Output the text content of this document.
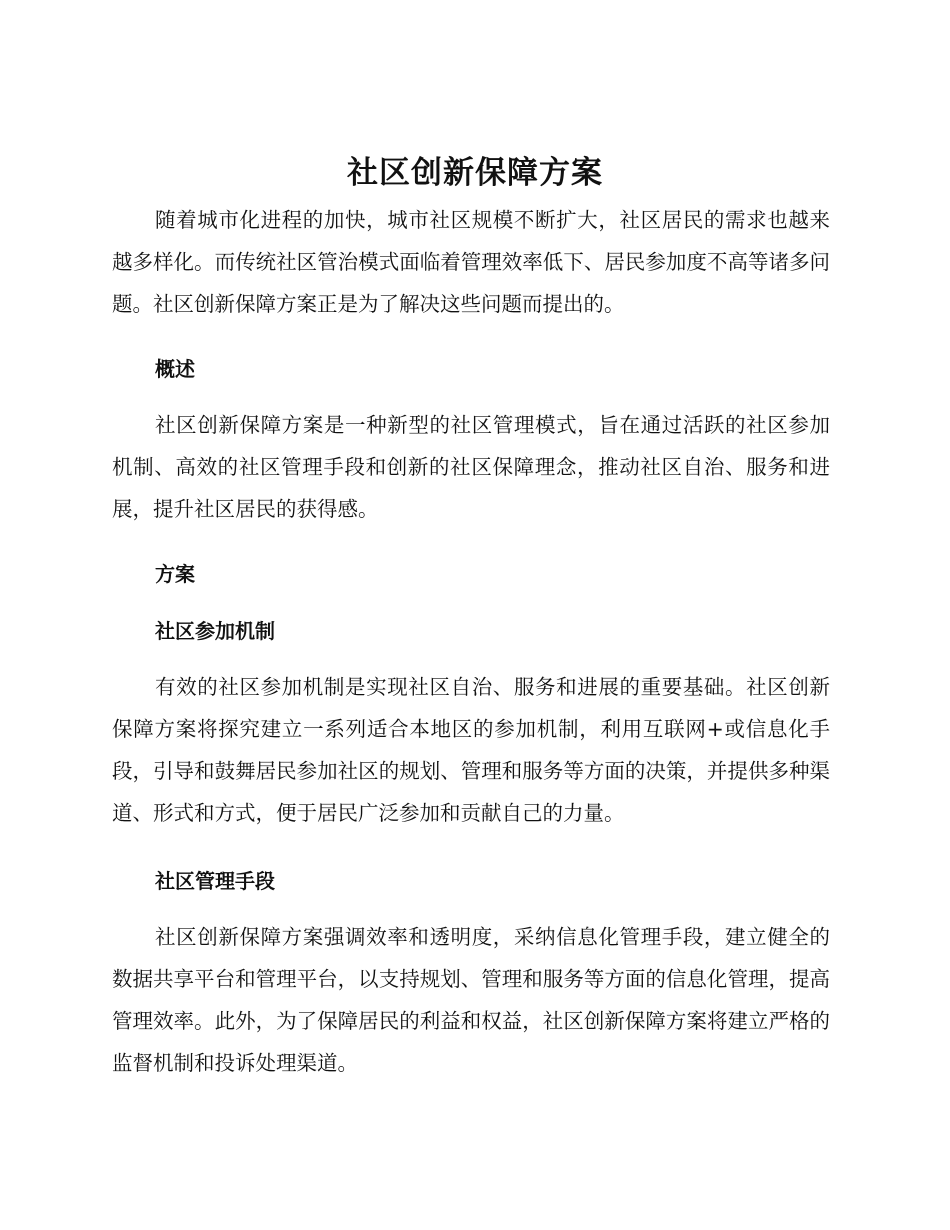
社区创新保障方案

随着城市化进程的加快，城市社区规模不断扩大，社区居民的需求也越来越多样化。而传统社区管治模式面临着管理效率低下、居民参加度不高等诸多问题。社区创新保障方案正是为了解决这些问题而提出的。

概述

社区创新保障方案是一种新型的社区管理模式，旨在通过活跃的社区参加机制、高效的社区管理手段和创新的社区保障理念，推动社区自治、服务和进展，提升社区居民的获得感。

方案
社区参加机制

有效的社区参加机制是实现社区自治、服务和进展的重要基础。社区创新保障方案将探究建立一系列适合本地区的参加机制，利用互联网+或信息化手段，引导和鼓舞居民参加社区的规划、管理和服务等方面的决策，并提供多种渠道、形式和方式，便于居民广泛参加和贡献自己的力量。

社区管理手段

社区创新保障方案强调效率和透明度，采纳信息化管理手段，建立健全的数据共享平台和管理平台，以支持规划、管理和服务等方面的信息化管理，提高管理效率。此外，为了保障居民的利益和权益，社区创新保障方案将建立严格的监督机制和投诉处理渠道。
